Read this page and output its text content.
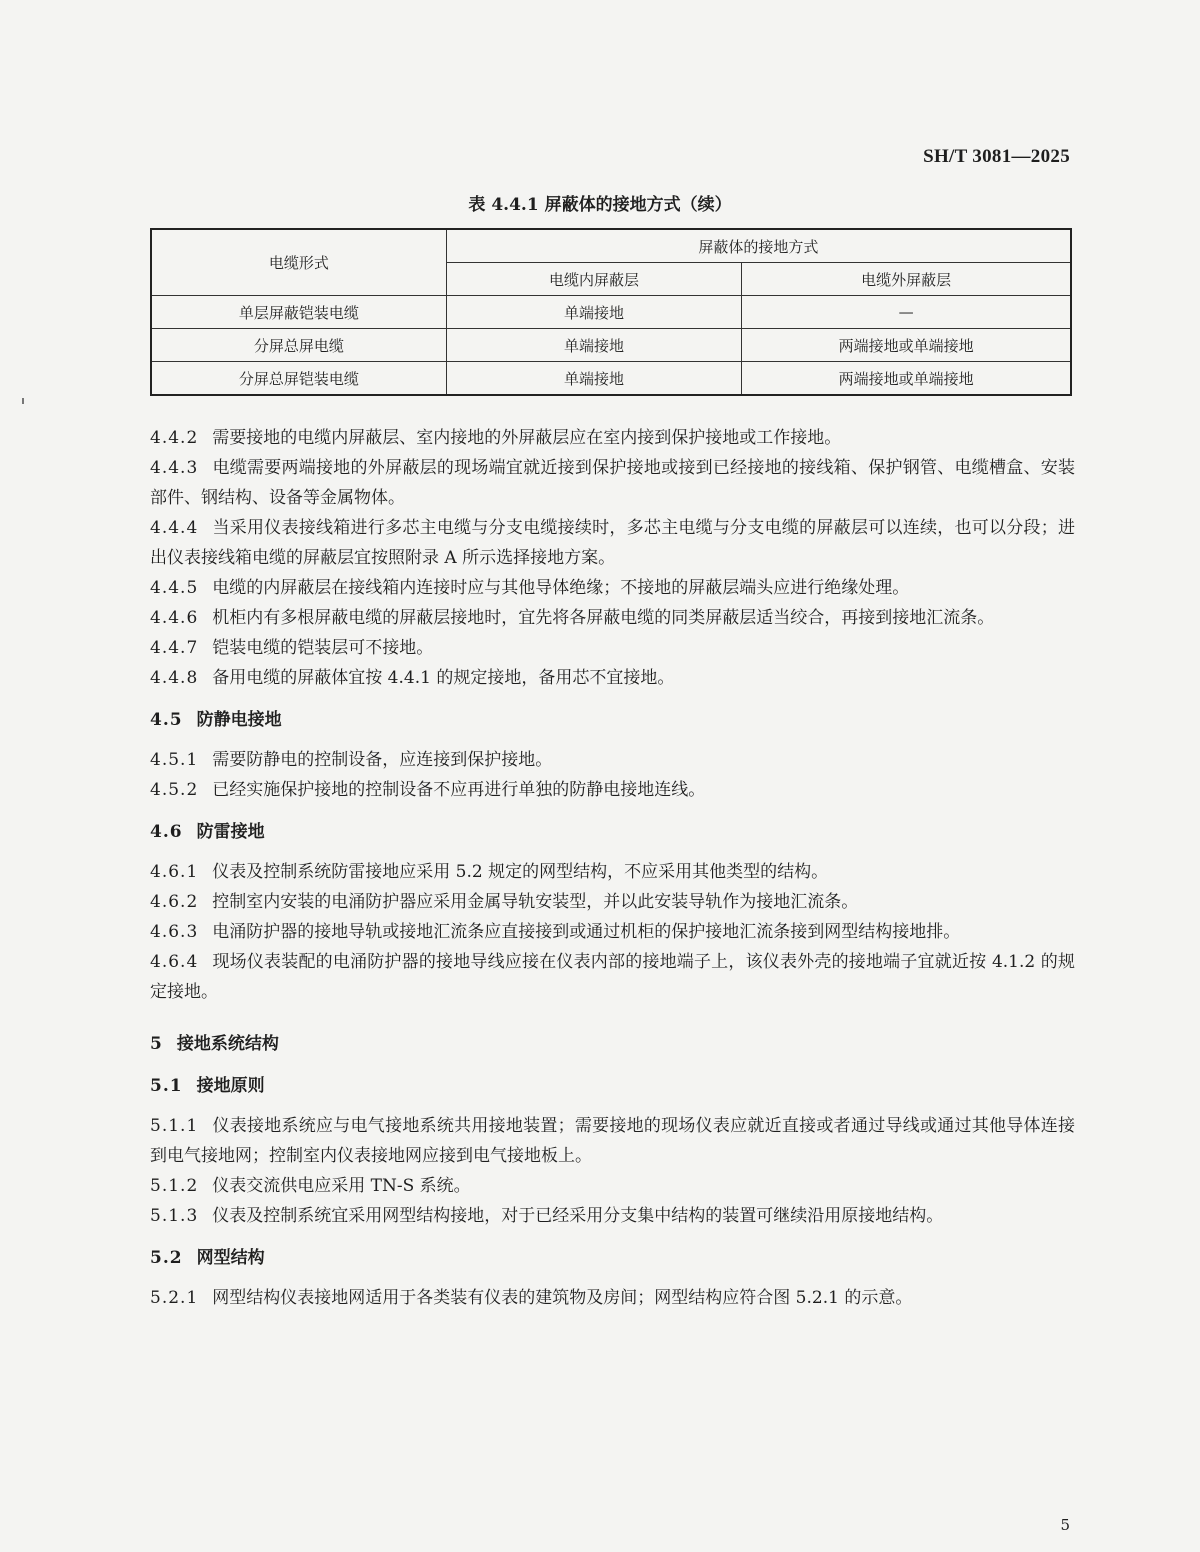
SH/T 3081—2025
表 4.4.1 屏蔽体的接地方式（续）
电缆形式	屏蔽体的接地方式	
	电缆内屏蔽层	电缆外屏蔽层
单层屏蔽铠装电缆	单端接地	—
分屏总屏电缆	单端接地	两端接地或单端接地
分屏总屏铠装电缆	单端接地	两端接地或单端接地

4.4.2 需要接地的电缆内屏蔽层、室内接地的外屏蔽层应在室内接到保护接地或工作接地。

4.4.3 电缆需要两端接地的外屏蔽层的现场端宜就近接到保护接地或接到已经接地的接线箱、保护钢管、电缆槽盒、安装部件、钢结构、设备等金属物体。

4.4.4 当采用仪表接线箱进行多芯主电缆与分支电缆接续时，多芯主电缆与分支电缆的屏蔽层可以连续，也可以分段；进出仪表接线箱电缆的屏蔽层宜按照附录 A 所示选择接地方案。

4.4.5 电缆的内屏蔽层在接线箱内连接时应与其他导体绝缘；不接地的屏蔽层端头应进行绝缘处理。

4.4.6 机柜内有多根屏蔽电缆的屏蔽层接地时，宜先将各屏蔽电缆的同类屏蔽层适当绞合，再接到接地汇流条。

4.4.7 铠装电缆的铠装层可不接地。

4.4.8 备用电缆的屏蔽体宜按 4.4.1 的规定接地，备用芯不宜接地。

4.5 防静电接地

4.5.1 需要防静电的控制设备，应连接到保护接地。

4.5.2 已经实施保护接地的控制设备不应再进行单独的防静电接地连线。

4.6 防雷接地

4.6.1 仪表及控制系统防雷接地应采用 5.2 规定的网型结构，不应采用其他类型的结构。

4.6.2 控制室内安装的电涌防护器应采用金属导轨安装型，并以此安装导轨作为接地汇流条。

4.6.3 电涌防护器的接地导轨或接地汇流条应直接接到或通过机柜的保护接地汇流条接到网型结构接地排。

4.6.4 现场仪表装配的电涌防护器的接地导线应接在仪表内部的接地端子上，该仪表外壳的接地端子宜就近按 4.1.2 的规定接地。

5 接地系统结构

5.1 接地原则

5.1.1 仪表接地系统应与电气接地系统共用接地装置；需要接地的现场仪表应就近直接或者通过导线或通过其他导体连接到电气接地网；控制室内仪表接地网应接到电气接地板上。

5.1.2 仪表交流供电应采用 TN-S 系统。

5.1.3 仪表及控制系统宜采用网型结构接地，对于已经采用分支集中结构的装置可继续沿用原接地结构。

5.2 网型结构

5.2.1 网型结构仪表接地网适用于各类装有仪表的建筑物及房间；网型结构应符合图 5.2.1 的示意。

5
